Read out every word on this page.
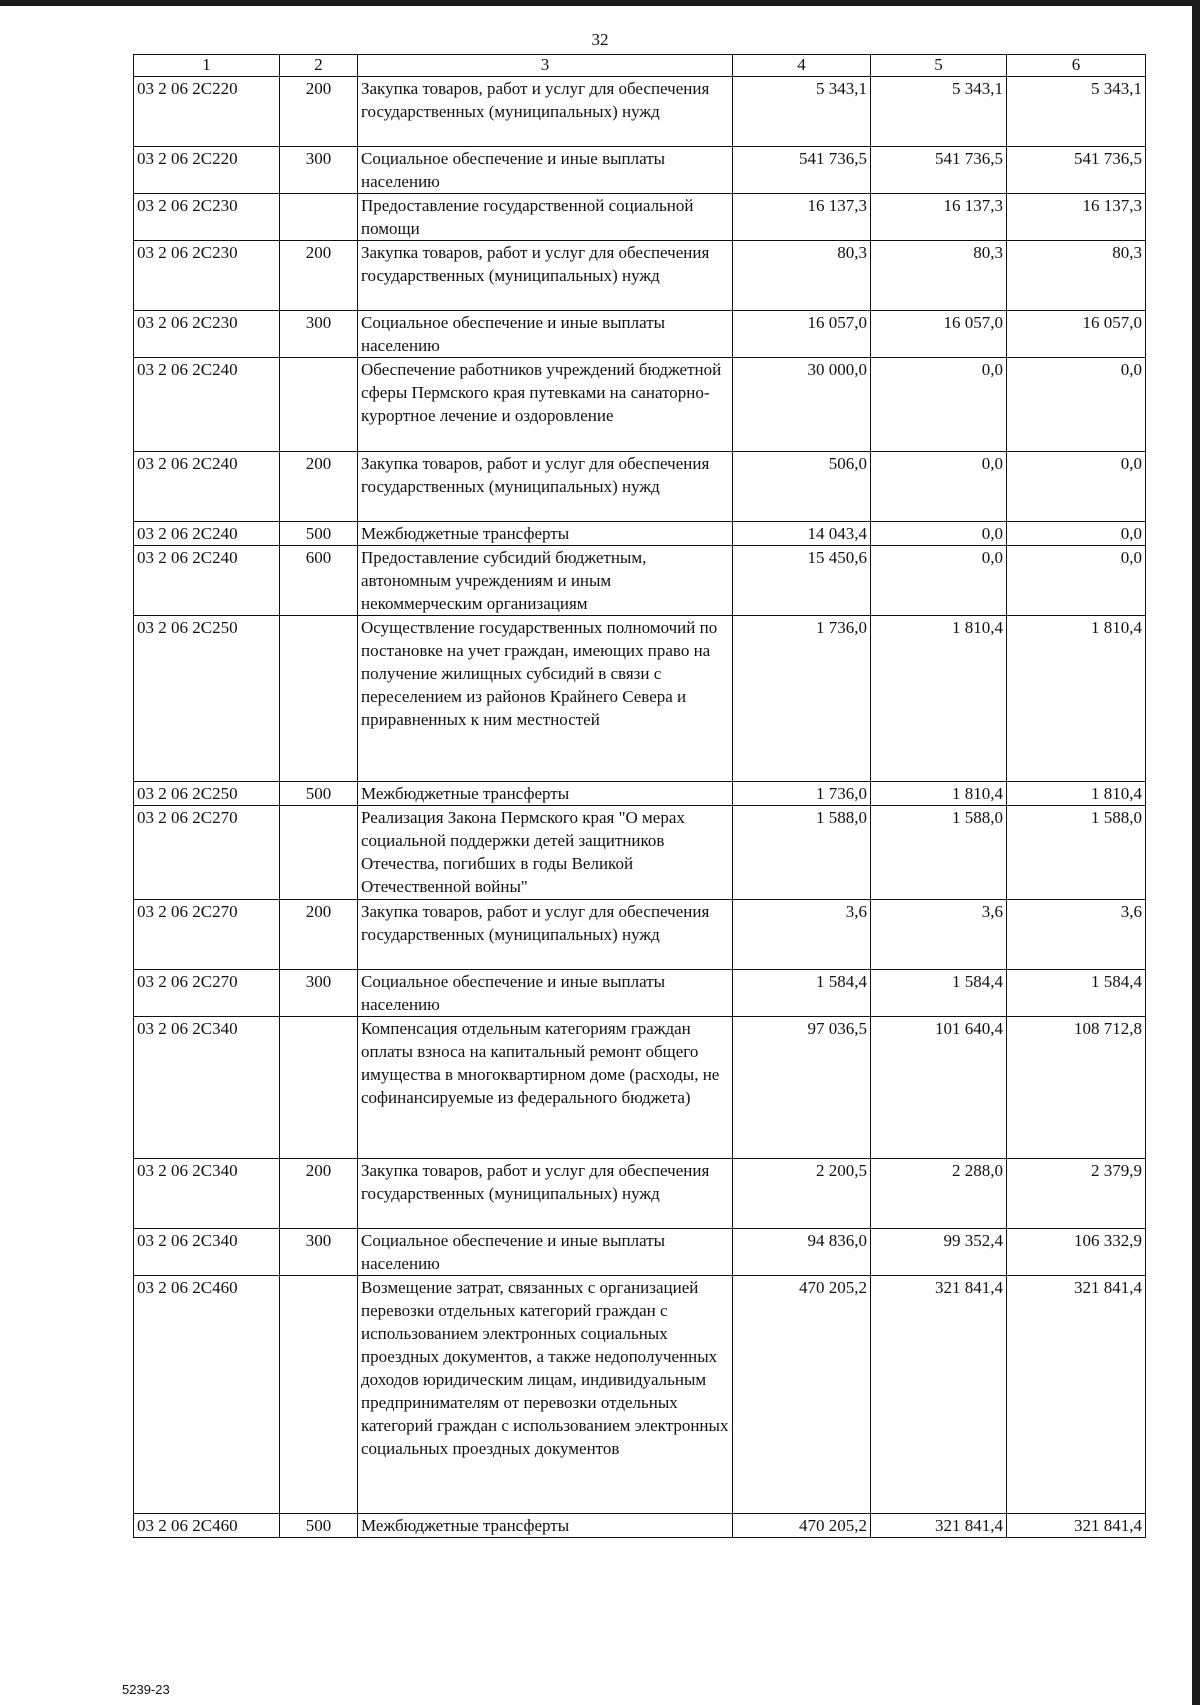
32
1	2	3	4	5	6
03 2 06 2С220	200	Закупка товаров, работ и услуг для обеспечения государственных (муниципальных) нужд	5 343,1	5 343,1	5 343,1
03 2 06 2С220	300	Социальное обеспечение и иные выплаты населению	541 736,5	541 736,5	541 736,5
03 2 06 2С230		Предоставление государственной социальной помощи	16 137,3	16 137,3	16 137,3
03 2 06 2С230	200	Закупка товаров, работ и услуг для обеспечения государственных (муниципальных) нужд	80,3	80,3	80,3
03 2 06 2С230	300	Социальное обеспечение и иные выплаты населению	16 057,0	16 057,0	16 057,0
03 2 06 2С240		Обеспечение работников учреждений бюджетной сферы Пермского края путевками на санаторно-курортное лечение и оздоровление	30 000,0	0,0	0,0
03 2 06 2С240	200	Закупка товаров, работ и услуг для обеспечения государственных (муниципальных) нужд	506,0	0,0	0,0
03 2 06 2С240	500	Межбюджетные трансферты	14 043,4	0,0	0,0
03 2 06 2С240	600	Предоставление субсидий бюджетным, автономным учреждениям и иным некоммерческим организациям	15 450,6	0,0	0,0
03 2 06 2С250		Осуществление государственных полномочий по постановке на учет граждан, имеющих право на получение жилищных субсидий в связи с переселением из районов Крайнего Севера и приравненных к ним местностей	1 736,0	1 810,4	1 810,4
03 2 06 2С250	500	Межбюджетные трансферты	1 736,0	1 810,4	1 810,4
03 2 06 2С270		Реализация Закона Пермского края "О мерах социальной поддержки детей защитников Отечества, погибших в годы Великой Отечественной войны"	1 588,0	1 588,0	1 588,0
03 2 06 2С270	200	Закупка товаров, работ и услуг для обеспечения государственных (муниципальных) нужд	3,6	3,6	3,6
03 2 06 2С270	300	Социальное обеспечение и иные выплаты населению	1 584,4	1 584,4	1 584,4
03 2 06 2С340		Компенсация отдельным категориям граждан оплаты взноса на капитальный ремонт общего имущества в многоквартирном доме (расходы, не софинансируемые из федерального бюджета)	97 036,5	101 640,4	108 712,8
03 2 06 2С340	200	Закупка товаров, работ и услуг для обеспечения государственных (муниципальных) нужд	2 200,5	2 288,0	2 379,9
03 2 06 2С340	300	Социальное обеспечение и иные выплаты населению	94 836,0	99 352,4	106 332,9
03 2 06 2С460		Возмещение затрат, связанных с организацией перевозки отдельных категорий граждан с использованием электронных социальных проездных документов, а также недополученных доходов юридическим лицам, индивидуальным предпринимателям от перевозки отдельных категорий граждан с использованием электронных социальных проездных документов	470 205,2	321 841,4	321 841,4
03 2 06 2С460	500	Межбюджетные трансферты	470 205,2	321 841,4	321 841,4
5239-23
